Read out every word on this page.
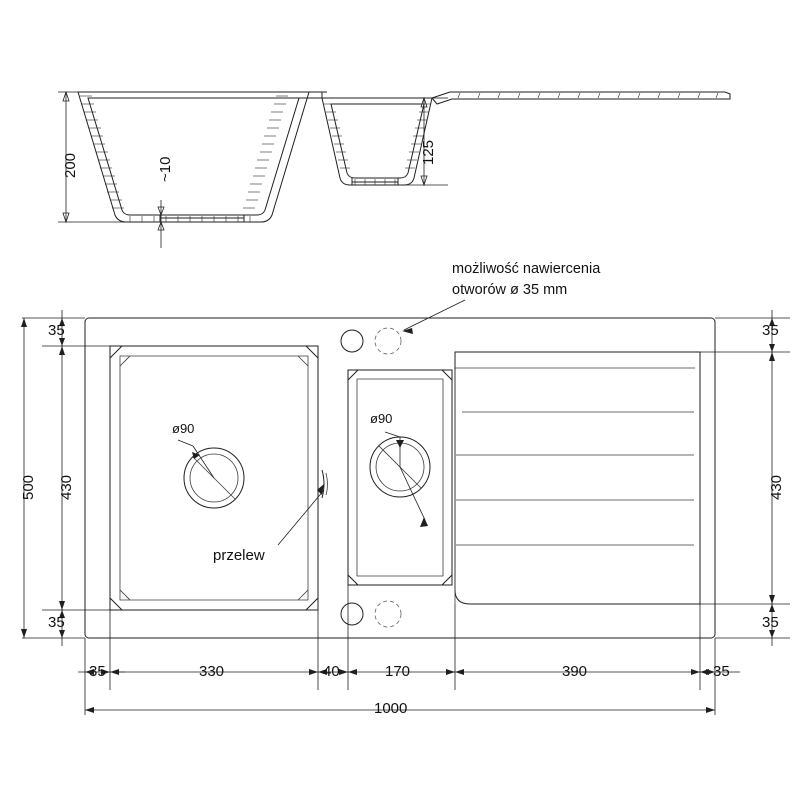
200	~10
125
możliwość nawiercenia
otworów ø 35 mm
ø90
ø90
przelew
35
430
35
500
35
430
35
35	330	40	170	390	35
1000
